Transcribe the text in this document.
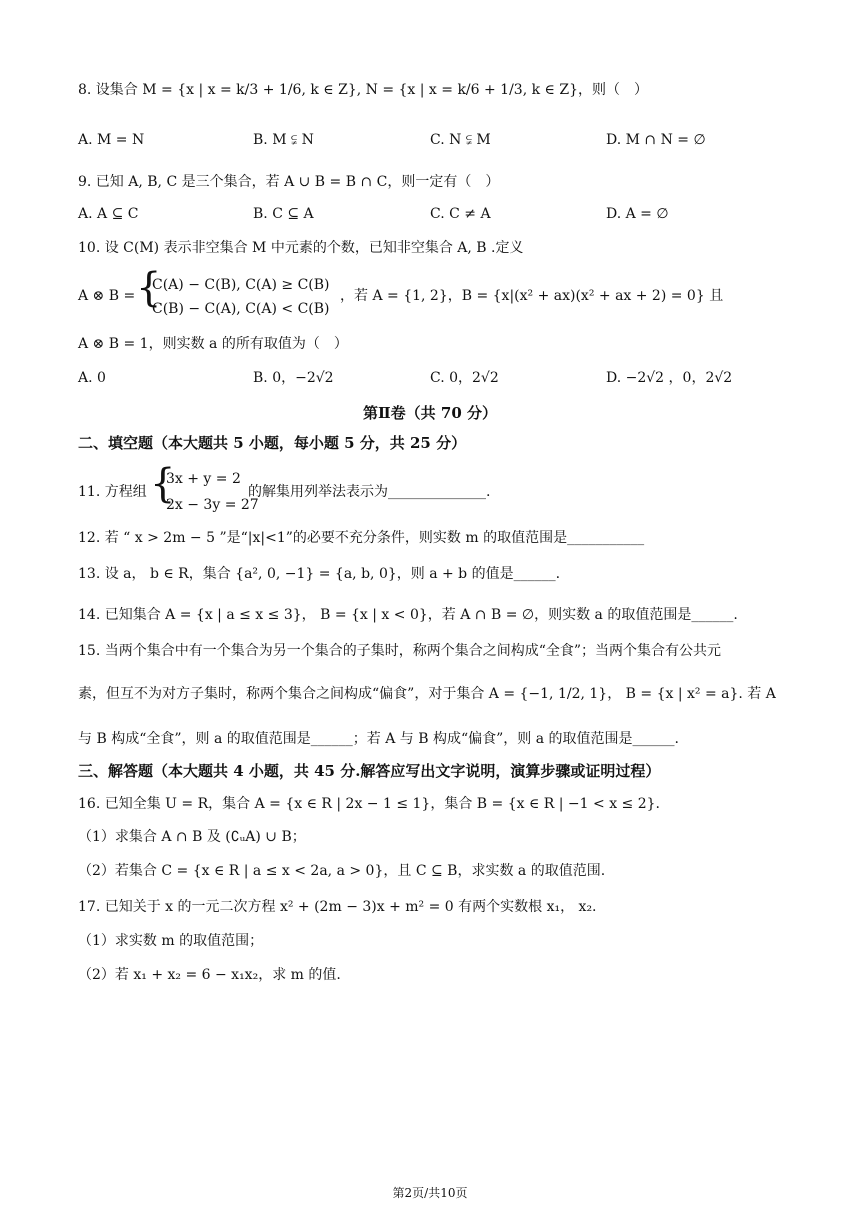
8. 设集合 M = {x | x = k/3 + 1/6, k ∈ Z}, N = {x | x = k/6 + 1/3, k ∈ Z}，则（　）
A. M = N	B. M ⫋ N	C. N ⫋ M	D. M ∩ N = ∅
9. 已知 A, B, C 是三个集合，若 A ∪ B = B ∩ C，则一定有（　）
A. A ⊆ C	B. C ⊆ A	C. C ≠ A	D. A = ∅
10. 设 C(M) 表示非空集合 M 中元素的个数，已知非空集合 A, B .定义
A ⊗ B = {
C(A) − C(B), C(A) ≥ C(B)
C(B) − C(A), C(A) < C(B)
，若 A = {1, 2}，B = {x|(x² + ax)(x² + ax + 2) = 0} 且
A ⊗ B = 1，则实数 a 的所有取值为（　）
A. 0	B. 0，−2√2	C. 0，2√2	D. −2√2 ，0，2√2
第Ⅱ卷（共 70 分）
二、填空题（本大题共 5 小题，每小题 5 分，共 25 分）
11. 方程组 {
3x + y = 2
2x − 3y = 27
的解集用列举法表示为______________.
12. 若 “ x > 2m − 5 ”是“|x|<1”的必要不充分条件，则实数 m 的取值范围是___________
13. 设 a， b ∈ R，集合 {a², 0, −1} = {a, b, 0}，则 a + b 的值是______.
14. 已知集合 A = {x | a ≤ x ≤ 3}， B = {x | x < 0}，若 A ∩ B = ∅，则实数 a 的取值范围是______.
15. 当两个集合中有一个集合为另一个集合的子集时，称两个集合之间构成“全食”；当两个集合有公共元
素，但互不为对方子集时，称两个集合之间构成“偏食”，对于集合 A = {−1, 1/2, 1}， B = {x | x² = a}. 若 A
与 B 构成“全食”，则 a 的取值范围是______；若 A 与 B 构成“偏食”，则 a 的取值范围是______.
三、解答题（本大题共 4 小题，共 45 分.解答应写出文字说明，演算步骤或证明过程）
16. 已知全集 U = R，集合 A = {x ∈ R | 2x − 1 ≤ 1}，集合 B = {x ∈ R | −1 < x ≤ 2}.
（1）求集合 A ∩ B 及 (∁ᵤA) ∪ B；
（2）若集合 C = {x ∈ R | a ≤ x < 2a, a > 0}，且 C ⊆ B，求实数 a 的取值范围.
17. 已知关于 x 的一元二次方程 x² + (2m − 3)x + m² = 0 有两个实数根 x₁， x₂.
（1）求实数 m 的取值范围；
（2）若 x₁ + x₂ = 6 − x₁x₂，求 m 的值.
第2页/共10页
